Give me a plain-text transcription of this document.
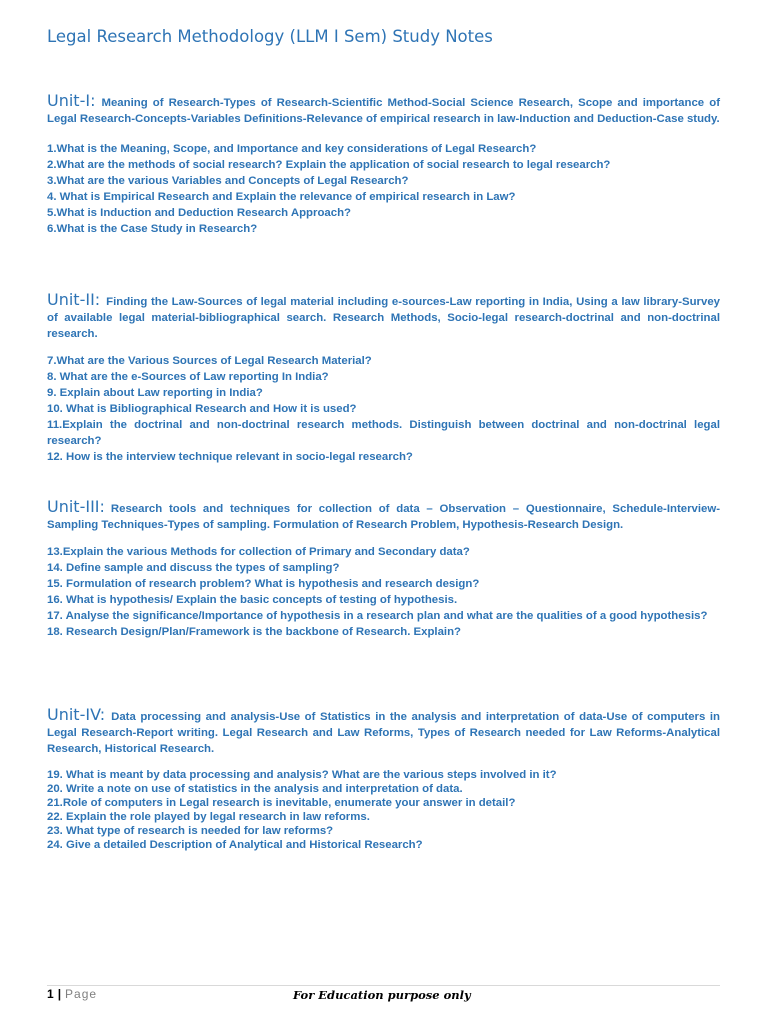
Legal Research Methodology (LLM I Sem) Study Notes

Unit-I: Meaning of Research-Types of Research-Scientific Method-Social Science Research, Scope and importance of Legal Research-Concepts-Variables Definitions-Relevance of empirical research in law-Induction and Deduction-Case study.

1.What is the Meaning, Scope, and Importance and key considerations of Legal Research?
2.What are the methods of social research? Explain the application of social research to legal research?
3.What are the various Variables and Concepts of Legal Research?
4. What is Empirical Research and Explain the relevance of empirical research in Law?
5.What is Induction and Deduction Research Approach?
6.What is the Case Study in Research?

Unit-II: Finding the Law-Sources of legal material including e-sources-Law reporting in India, Using a law library-Survey of available legal material-bibliographical search. Research Methods, Socio-legal research-doctrinal and non-doctrinal research.

7.What are the Various Sources of Legal Research Material?
8. What are the e-Sources of Law reporting In India?
9. Explain about Law reporting in India?
10. What is Bibliographical Research and How it is used?
11.Explain the doctrinal and non-doctrinal research methods. Distinguish between doctrinal and non-doctrinal legal research?
12. How is the interview technique relevant in socio-legal research?

Unit-III: Research tools and techniques for collection of data – Observation – Questionnaire, Schedule-Interview-Sampling Techniques-Types of sampling. Formulation of Research Problem, Hypothesis-Research Design.

13.Explain the various Methods for collection of Primary and Secondary data?
14. Define sample and discuss the types of sampling?
15. Formulation of research problem? What is hypothesis and research design?
16. What is hypothesis/ Explain the basic concepts of testing of hypothesis.
17. Analyse the significance/Importance of hypothesis in a research plan and what are the qualities of a good hypothesis?
18. Research Design/Plan/Framework is the backbone of Research. Explain?

Unit-IV: Data processing and analysis-Use of Statistics in the analysis and interpretation of data-Use of computers in Legal Research-Report writing. Legal Research and Law Reforms, Types of Research needed for Law Reforms-Analytical Research, Historical Research.

19. What is meant by data processing and analysis? What are the various steps involved in it?
20. Write a note on use of statistics in the analysis and interpretation of data.
21.Role of computers in Legal research is inevitable, enumerate your answer in detail?
22. Explain the role played by legal research in law reforms.
23. What type of research is needed for law reforms?
24. Give a detailed Description of Analytical and Historical Research?
1 | Page	For Education purpose only
